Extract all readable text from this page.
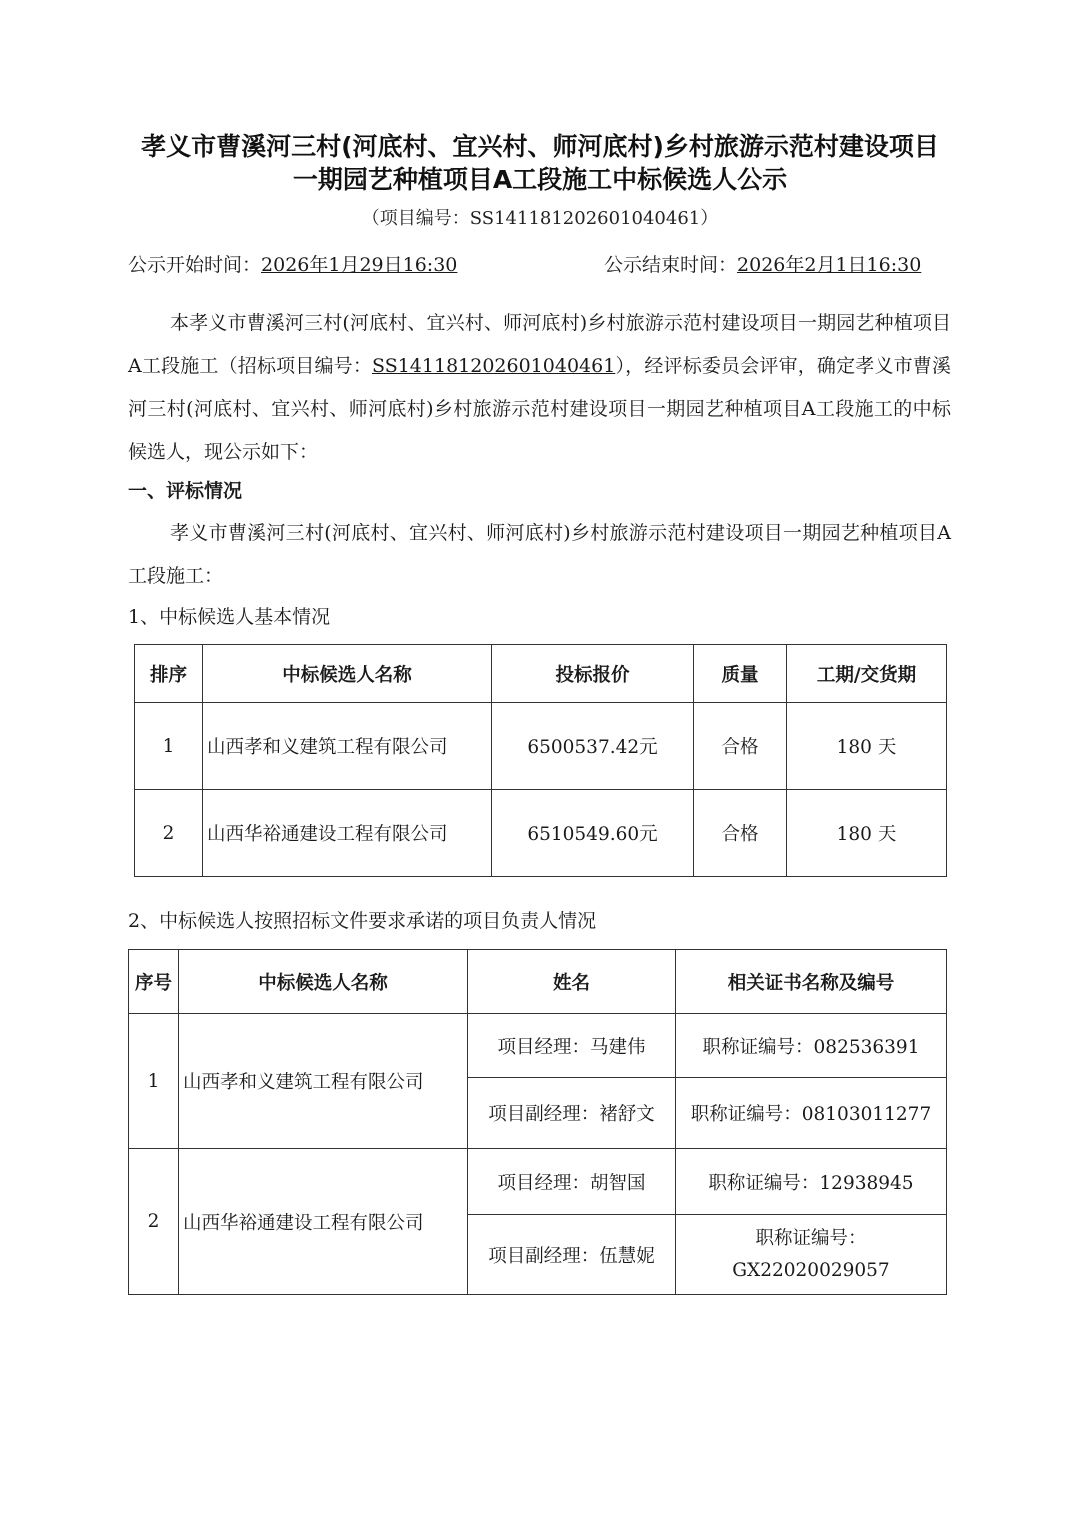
孝义市曹溪河三村(河底村、宜兴村、师河底村)乡村旅游示范村建设项目
一期园艺种植项目A工段施工中标候选人公示
（项目编号：SS141181202601040461）
公示开始时间：2026年1月29日16:30	公示结束时间：2026年2月1日16:30
本孝义市曹溪河三村(河底村、宜兴村、师河底村)乡村旅游示范村建设项目一期园艺种植项目A工段施工（招标项目编号：SS141181202601040461），经评标委员会评审，确定孝义市曹溪河三村(河底村、宜兴村、师河底村)乡村旅游示范村建设项目一期园艺种植项目A工段施工的中标候选人，现公示如下：
一、评标情况
孝义市曹溪河三村(河底村、宜兴村、师河底村)乡村旅游示范村建设项目一期园艺种植项目A工段施工：
1、中标候选人基本情况
排序	中标候选人名称	投标报价	质量	工期/交货期
1	山西孝和义建筑工程有限公司	6500537.42元	合格	180 天
2	山西华裕通建设工程有限公司	6510549.60元	合格	180 天
2、中标候选人按照招标文件要求承诺的项目负责人情况
序号	中标候选人名称	姓名	相关证书名称及编号
1	山西孝和义建筑工程有限公司	项目经理：马建伟	职称证编号：082536391
		项目副经理：褚舒文	职称证编号：08103011277
2	山西华裕通建设工程有限公司	项目经理：胡智国	职称证编号：12938945
		项目副经理：伍慧妮	职称证编号：
GX22020029057
